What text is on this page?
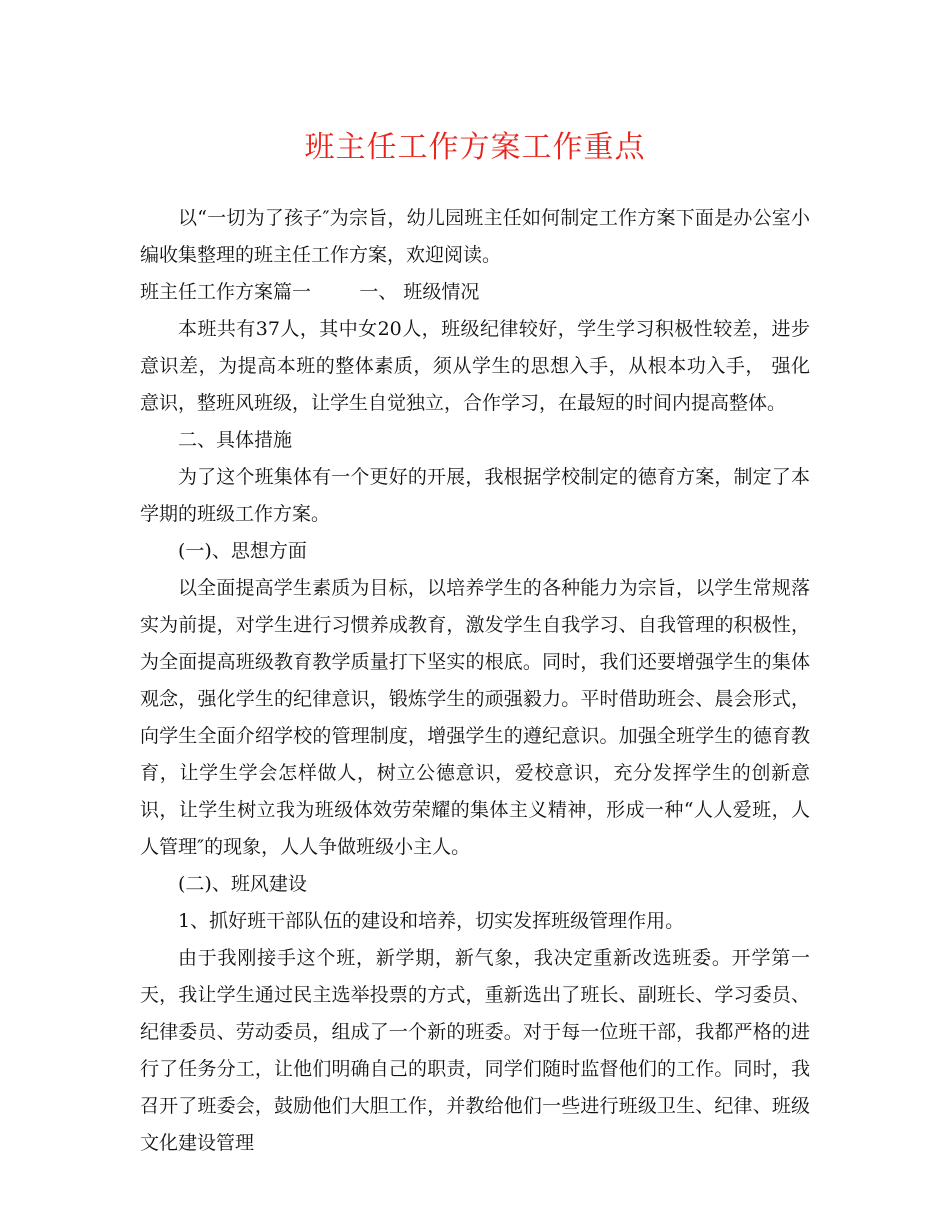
班主任工作方案工作重点

以“一切为了孩子″为宗旨，幼儿园班主任如何制定工作方案下面是办公室小编收集整理的班主任工作方案，欢迎阅读。

班主任工作方案篇一        一、 班级情况

本班共有37人，其中女20人，班级纪律较好，学生学习积极性较差，进步意识差，为提高本班的整体素质，须从学生的思想入手，从根本功入手， 强化意识，整班风班级，让学生自觉独立，合作学习，在最短的时间内提高整体。

二、具体措施

为了这个班集体有一个更好的开展，我根据学校制定的德育方案，制定了本学期的班级工作方案。

(一)、思想方面

以全面提高学生素质为目标，以培养学生的各种能力为宗旨，以学生常规落实为前提，对学生进行习惯养成教育，激发学生自我学习、自我管理的积极性，为全面提高班级教育教学质量打下坚实的根底。同时，我们还要增强学生的集体观念，强化学生的纪律意识，锻炼学生的顽强毅力。平时借助班会、晨会形式，向学生全面介绍学校的管理制度，增强学生的遵纪意识。加强全班学生的德育教育，让学生学会怎样做人，树立公德意识，爱校意识，充分发挥学生的创新意识，让学生树立我为班级体效劳荣耀的集体主义精神，形成一种“人人爱班，人人管理″的现象，人人争做班级小主人。

(二)、班风建设

1、抓好班干部队伍的建设和培养，切实发挥班级管理作用。

由于我刚接手这个班，新学期，新气象，我决定重新改选班委。开学第一天，我让学生通过民主选举投票的方式，重新选出了班长、副班长、学习委员、纪律委员、劳动委员，组成了一个新的班委。对于每一位班干部，我都严格的进行了任务分工，让他们明确自己的职责，同学们随时监督他们的工作。同时，我召开了班委会，鼓励他们大胆工作，并教给他们一些进行班级卫生、纪律、班级文化建设管理
